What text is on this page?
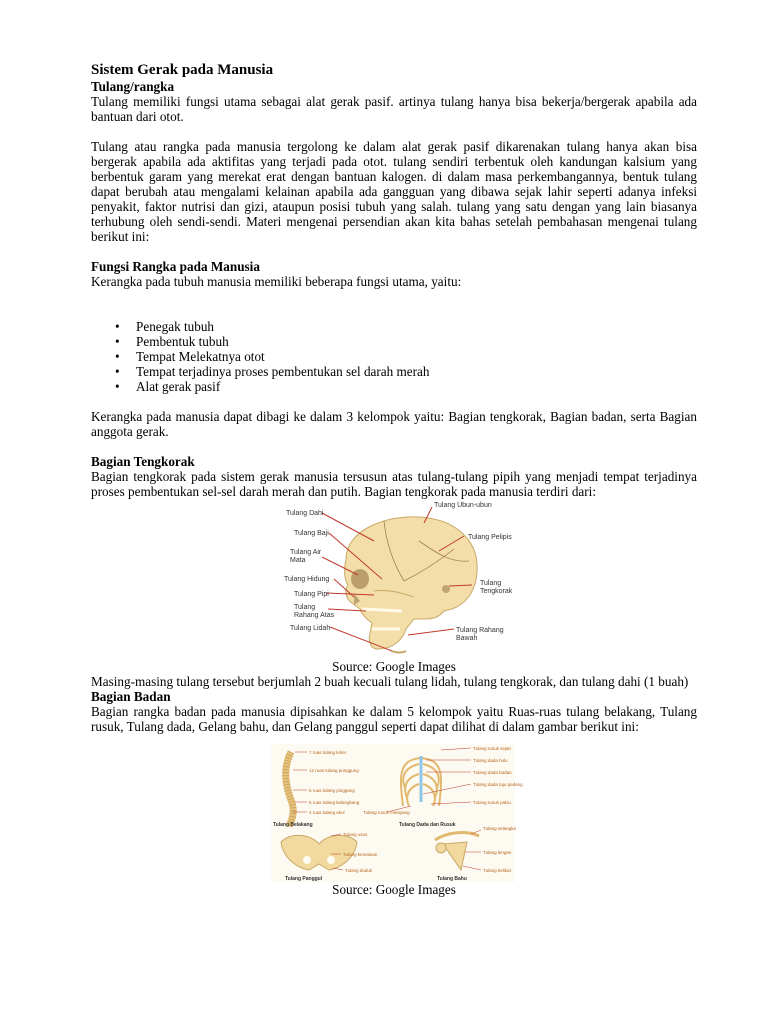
Sistem Gerak pada Manusia
Tulang/rangka

Tulang memiliki fungsi utama sebagai alat gerak pasif. artinya tulang hanya bisa bekerja/bergerak apabila ada bantuan dari otot.

Tulang atau rangka pada manusia tergolong ke dalam alat gerak pasif dikarenakan tulang hanya akan bisa bergerak apabila ada aktifitas yang terjadi pada otot. tulang sendiri terbentuk oleh kandungan kalsium yang berbentuk garam yang merekat erat dengan bantuan kalogen. di dalam masa perkembangannya, bentuk tulang dapat berubah atau mengalami kelainan apabila ada gangguan yang dibawa sejak lahir seperti adanya infeksi penyakit, faktor nutrisi dan gizi, ataupun posisi tubuh yang salah. tulang yang satu dengan yang lain biasanya terhubung oleh sendi-sendi. Materi mengenai persendian akan kita bahas setelah pembahasan mengenai tulang berikut ini:

Fungsi Rangka pada Manusia

Kerangka pada tubuh manusia memiliki beberapa fungsi utama, yaitu:

• Penegak tubuh
• Pembentuk tubuh
• Tempat Melekatnya otot
• Tempat terjadinya proses pembentukan sel darah merah
• Alat gerak pasif

Kerangka pada manusia dapat dibagi ke dalam 3 kelompok yaitu: Bagian tengkorak, Bagian badan, serta Bagian anggota gerak.

Bagian Tengkorak

Bagian tengkorak pada sistem gerak manusia tersusun atas tulang-tulang pipih yang menjadi tempat terjadinya proses pembentukan sel-sel darah merah dan putih. Bagian tengkorak pada manusia terdiri dari:

Tulang Ubun-ubun
Tulang Dahi
Tulang Baji
Tulang Pelipis
Tulang Air
Mata
Tulang Hidung
Tulang
Tengkorak
Tulang Pipi
Tulang
Rahang Atas
Tulang Lidah	Tulang Rahang
Bawah
Source: Google Images

Masing-masing tulang tersebut berjumlah 2 buah kecuali tulang lidah, tulang tengkorak, dan tulang dahi (1 buah)

Bagian Badan

Bagian rangka badan pada manusia dipisahkan ke dalam 5 kelompok yaitu Ruas-ruas tulang belakang, Tulang rusuk, Tulang dada, Gelang bahu, dan Gelang panggul seperti dapat dilihat di dalam gambar berikut ini:

7 ruas tulang leher
12 ruas tulang punggung
5 ruas tulang pinggang
5 ruas tulang kelangkang
4 ruas tulang ekor
Tulang Belakang
Tulang rusuk sejati
Tulang dada hulu
Tulang dada badan
Tulang dada taju pedang
Tulang rusuk palsu
Tulang rusuk melayang
Tulang Dada dan Rusuk
Tulang usus
Tulang kemaluan
Tulang duduk
Tulang Panggul
Tulang selangka
Tulang lengan
Tulang belikat
Tulang Bahu
Source: Google Images
